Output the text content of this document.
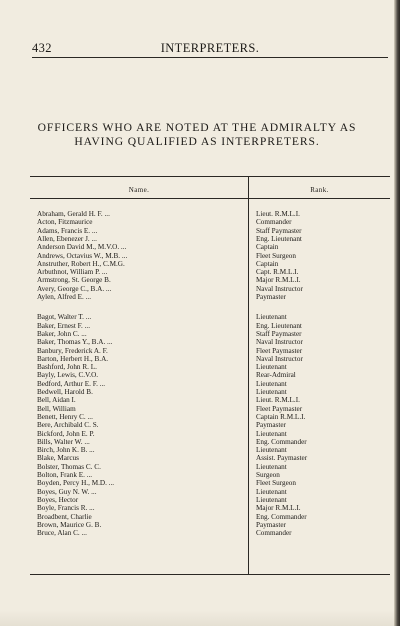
432	INTERPRETERS.
OFFICERS WHO ARE NOTED AT THE ADMIRALTY AS
HAVING QUALIFIED AS INTERPRETERS.
Name.	Rank.
Abraham, Gerald H. F. ...	Lieut. R.M.L.I.
Acton, Fitzmaurice	Commander
Adams, Francis E. ...	Staff Paymaster
Allen, Ebenezer J. ...	Eng. Lieutenant
Anderson David M., M.V.O. ...	Captain
Andrews, Octavius W., M.B. ...	Fleet Surgeon
Anstruther, Robert H., C.M.G.	Captain
Arbuthnot, William P. ...	Capt. R.M.L.I.
Armstrong, St. George B.	Major R.M.L.I.
Avery, George C., B.A. ...	Naval Instructor
Aylen, Alfred E. ...	Paymaster
Bagot, Walter T. ...	Lieutenant
Baker, Ernest F. ...	Eng. Lieutenant
Baker, John C. ...	Staff Paymaster
Baker, Thomas Y., B.A. ...	Naval Instructor
Banbury, Frederick A. F.	Fleet Paymaster
Barton, Herbert H., B.A.	Naval Instructor
Bashford, John R. L.	Lieutenant
Bayly, Lewis, C.V.O.	Rear-Admiral
Bedford, Arthur E. F. ...	Lieutenant
Bedwell, Harold B.	Lieutenant
Bell, Aidan I.	Lieut. R.M.L.I.
Bell, William	Fleet Paymaster
Benett, Henry C. ...	Captain R.M.L.I.
Bere, Archibald C. S.	Paymaster
Bickford, John E. P.	Lieutenant
Bills, Walter W. ...	Eng. Commander
Birch, John K. B. ...	Lieutenant
Blake, Marcus	Assist. Paymaster
Bolster, Thomas C. C.	Lieutenant
Bolton, Frank E. ...	Surgeon
Boyden, Percy H., M.D. ...	Fleet Surgeon
Boyes, Guy N. W. ...	Lieutenant
Boyes, Hector	Lieutenant
Boyle, Francis R. ...	Major R.M.L.I.
Broadbent, Charlie	Eng. Commander
Brown, Maurice G. B.	Paymaster
Bruce, Alan C. ...	Commander
